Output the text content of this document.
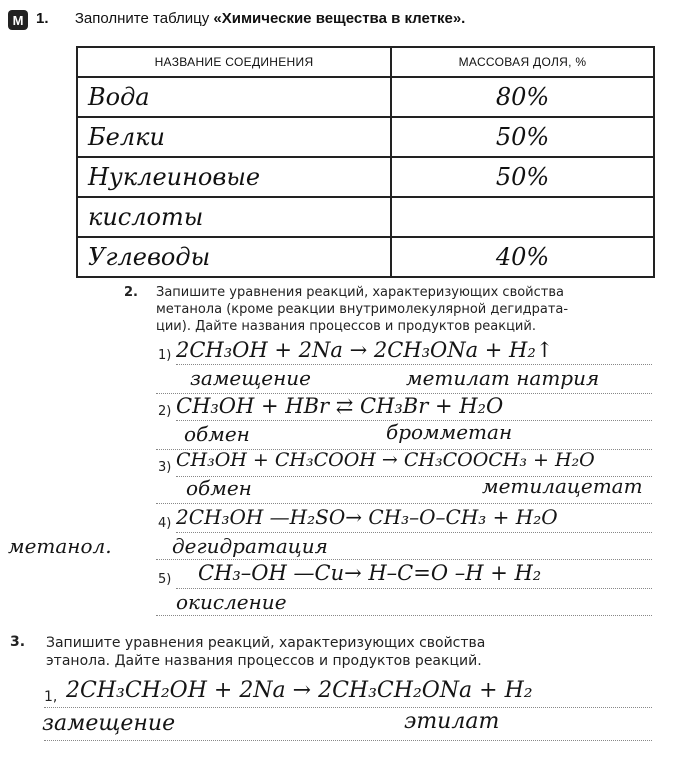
М 1. Заполните таблицу «Химические вещества в клетке».
НАЗВАНИЕ СОЕДИНЕНИЯ	МАССОВАЯ ДОЛЯ, %
Вода	80%
Белки	50%
Нуклеиновые	50%
кислоты	
Углеводы	40%
2. Запишите уравнения реакций, характеризующих свойства
метанола (кроме реакции внутримолекулярной дегидрата-
ции). Дайте названия процессов и продуктов реакций.
1) 2CH₃OH + 2Na → 2CH₃ONa + H₂↑
замещение	метилат натрия
2) CH₃OH + HBr ⇄ CH₃Br + H₂O
обмен	бромметан
3) CH₃OH + CH₃COOH → CH₃COOCH₃ + H₂O
обмен	метилацетат
4) 2CH₃OH —H₂SO→ CH₃–O–CH₃ + H₂O
метанол.	дегидратация
5) CH₃–OH —Cu→ H–C=O –H + H₂
окисление
3. Запишите уравнения реакций, характеризующих свойства
этанола. Дайте названия процессов и продуктов реакций.
1, 2CH₃CH₂OH + 2Na → 2CH₃CH₂ONa + H₂
замещение	этилат
